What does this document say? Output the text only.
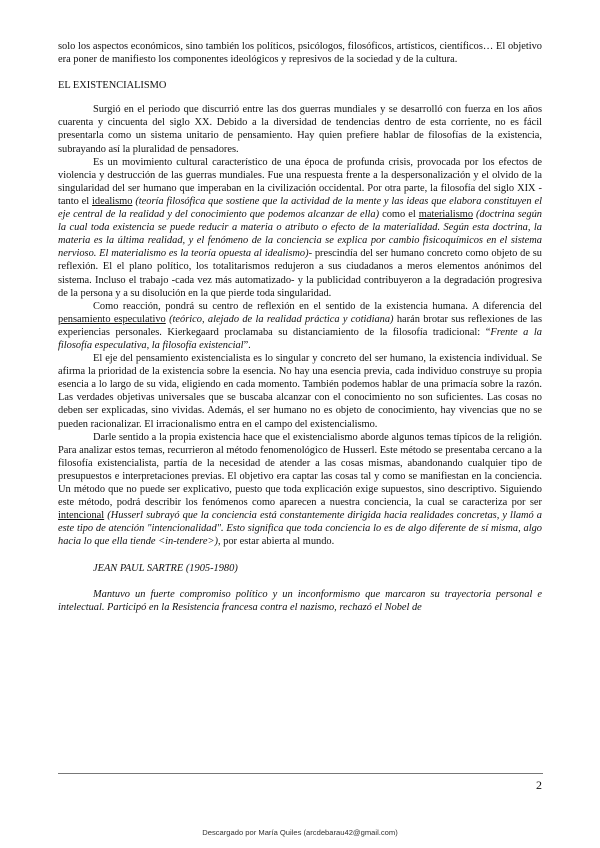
solo los aspectos económicos, sino también los políticos, psicólogos, filosóficos, artísticos, científicos… El objetivo era poner de manifiesto los componentes ideológicos y represivos de la sociedad y de la cultura.

EL EXISTENCIALISMO

Surgió en el periodo que discurrió entre las dos guerras mundiales y se desarrolló con fuerza en los años cuarenta y cincuenta del siglo XX. Debido a la diversidad de tendencias dentro de esta corriente, no es fácil presentarla como un sistema unitario de pensamiento. Hay quien prefiere hablar de filosofías de la existencia, subrayando así la pluralidad de pensadores.

Es un movimiento cultural característico de una época de profunda crisis, provocada por los efectos de violencia y destrucción de las guerras mundiales. Fue una respuesta frente a la despersonalización y el olvido de la singularidad del ser humano que imperaban en la civilización occidental. Por otra parte, la filosofía del siglo XIX -tanto el idealismo (teoría filosófica que sostiene que la actividad de la mente y las ideas que elabora constituyen el eje central de la realidad y del conocimiento que podemos alcanzar de ella) como el materialismo (doctrina según la cual toda existencia se puede reducir a materia o atributo o efecto de la materialidad. Según esta doctrina, la materia es la última realidad, y el fenómeno de la conciencia se explica por cambio fisicoquímicos en el sistema nervioso. El materialismo es la teoría opuesta al idealismo)- prescindía del ser humano concreto como objeto de su reflexión. El el plano político, los totalitarismos redujeron a sus ciudadanos a meros elementos anónimos del sistema. Incluso el trabajo -cada vez más automatizado- y la publicidad contribuyeron a la degradación progresiva de la persona y a su disolución en la que pierde toda singularidad.

Como reacción, pondrá su centro de reflexión en el sentido de la existencia humana. A diferencia del pensamiento especulativo (teórico, alejado de la realidad práctica y cotidiana) harán brotar sus reflexiones de las experiencias personales. Kierkegaard proclamaba su distanciamiento de la filosofía tradicional: “Frente a la filosofía especulativa, la filosofía existencial”.

El eje del pensamiento existencialista es lo singular y concreto del ser humano, la existencia individual. Se afirma la prioridad de la existencia sobre la esencia. No hay una esencia previa, cada individuo construye su propia esencia a lo largo de su vida, eligiendo en cada momento. También podemos hablar de una primacía sobre la razón. Las verdades objetivas universales que se buscaba alcanzar con el conocimiento no son suficientes. Las cosas no deben ser explicadas, sino vividas. Además, el ser humano no es objeto de conocimiento, hay vivencias que no se pueden racionalizar. El irracionalismo entra en el campo del existencialismo.

Darle sentido a la propia existencia hace que el existencialismo aborde algunos temas típicos de la religión. Para analizar estos temas, recurrieron al método fenomenológico de Husserl. Este método se presentaba cercano a la filosofía existencialista, partía de la necesidad de atender a las cosas mismas, abandonando cualquier tipo de presupuestos e interpretaciones previas. El objetivo era captar las cosas tal y como se manifiestan en la conciencia. Un método que no puede ser explicativo, puesto que toda explicación exige supuestos, sino descriptivo. Siguiendo este método, podrá describir los fenómenos como aparecen a nuestra conciencia, la cual se caracteriza por ser intencional (Husserl subrayó que la conciencia está constantemente dirigida hacia realidades concretas, y llamó a este tipo de atención "intencionalidad". Esto significa que toda conciencia lo es de algo diferente de sí misma, algo hacia lo que ella tiende <in-tendere>), por estar abierta al mundo.

JEAN PAUL SARTRE (1905-1980)

Mantuvo un fuerte compromiso político y un inconformismo que marcaron su trayectoria personal e intelectual. Participó en la Resistencia francesa contra el nazismo, rechazó el Nobel de

2
Descargado por María Quiles (arcdebarau42@gmail.com)
